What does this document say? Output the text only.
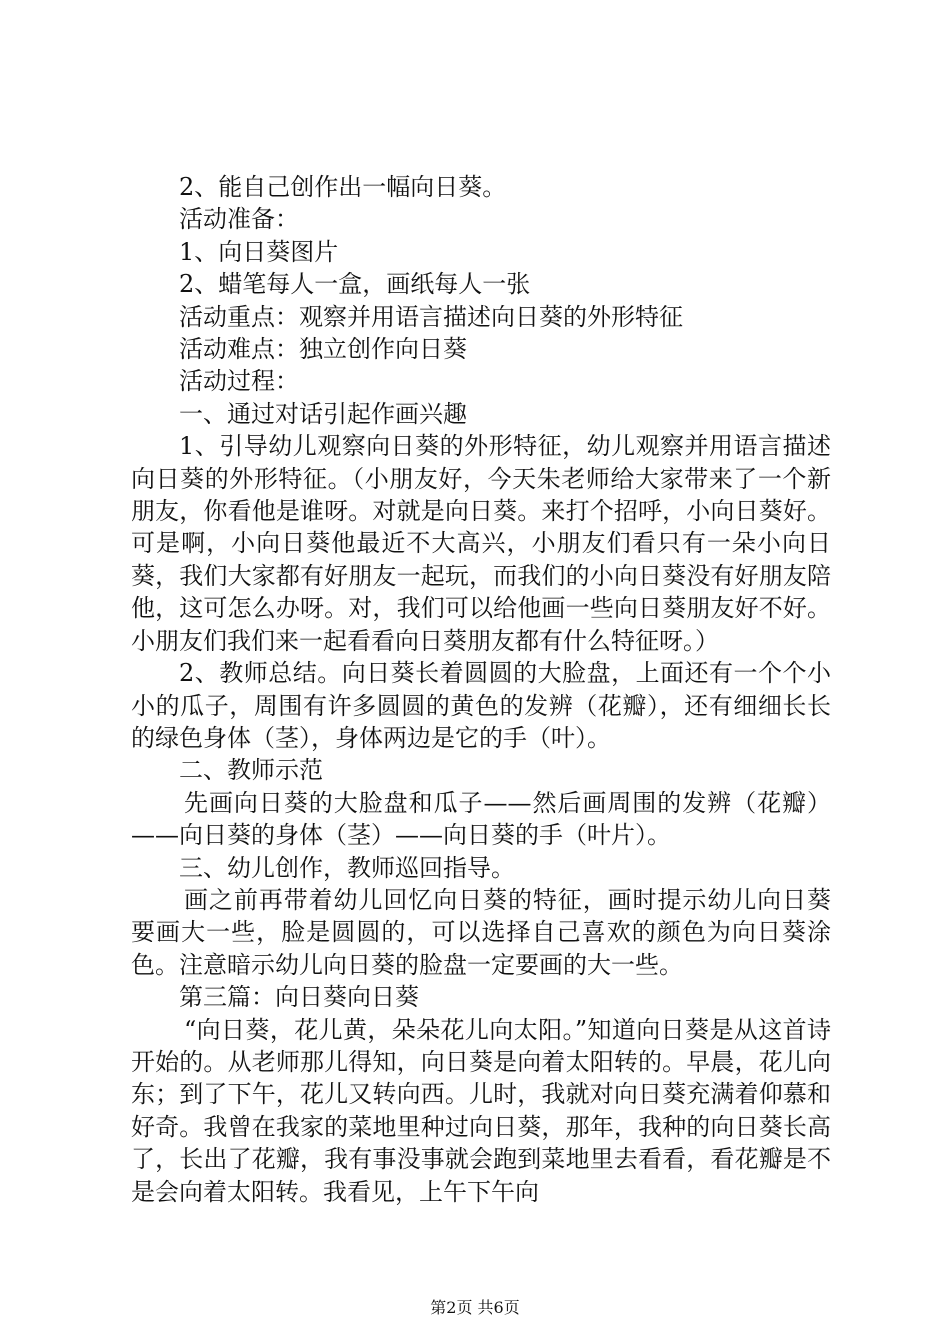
2、能自己创作出一幅向日葵。

活动准备：

1、向日葵图片

2、蜡笔每人一盒，画纸每人一张

活动重点：观察并用语言描述向日葵的外形特征

活动难点：独立创作向日葵

活动过程：

一、通过对话引起作画兴趣

1、引导幼儿观察向日葵的外形特征，幼儿观察并用语言描述向日葵的外形特征。（小朋友好，今天朱老师给大家带来了一个新朋友，你看他是谁呀。对就是向日葵。来打个招呼，小向日葵好。可是啊，小向日葵他最近不大高兴，小朋友们看只有一朵小向日葵，我们大家都有好朋友一起玩，而我们的小向日葵没有好朋友陪他，这可怎么办呀。对，我们可以给他画一些向日葵朋友好不好。小朋友们我们来一起看看向日葵朋友都有什么特征呀。）

2、教师总结。向日葵长着圆圆的大脸盘，上面还有一个个小小的瓜子，周围有许多圆圆的黄色的发辨（花瓣），还有细细长长的绿色身体（茎），身体两边是它的手（叶）。

二、教师示范

先画向日葵的大脸盘和瓜子——然后画周围的发辨（花瓣）——向日葵的身体（茎）——向日葵的手（叶片）。

三、幼儿创作，教师巡回指导。

画之前再带着幼儿回忆向日葵的特征，画时提示幼儿向日葵要画大一些，脸是圆圆的，可以选择自己喜欢的颜色为向日葵涂色。注意暗示幼儿向日葵的脸盘一定要画的大一些。

第三篇：向日葵向日葵

“向日葵，花儿黄，朵朵花儿向太阳。”知道向日葵是从这首诗开始的。从老师那儿得知，向日葵是向着太阳转的。早晨，花儿向东；到了下午，花儿又转向西。儿时，我就对向日葵充满着仰慕和好奇。我曾在我家的菜地里种过向日葵，那年，我种的向日葵长高了，长出了花瓣，我有事没事就会跑到菜地里去看看，看花瓣是不是会向着太阳转。我看见，上午下午向

第2页 共6页
